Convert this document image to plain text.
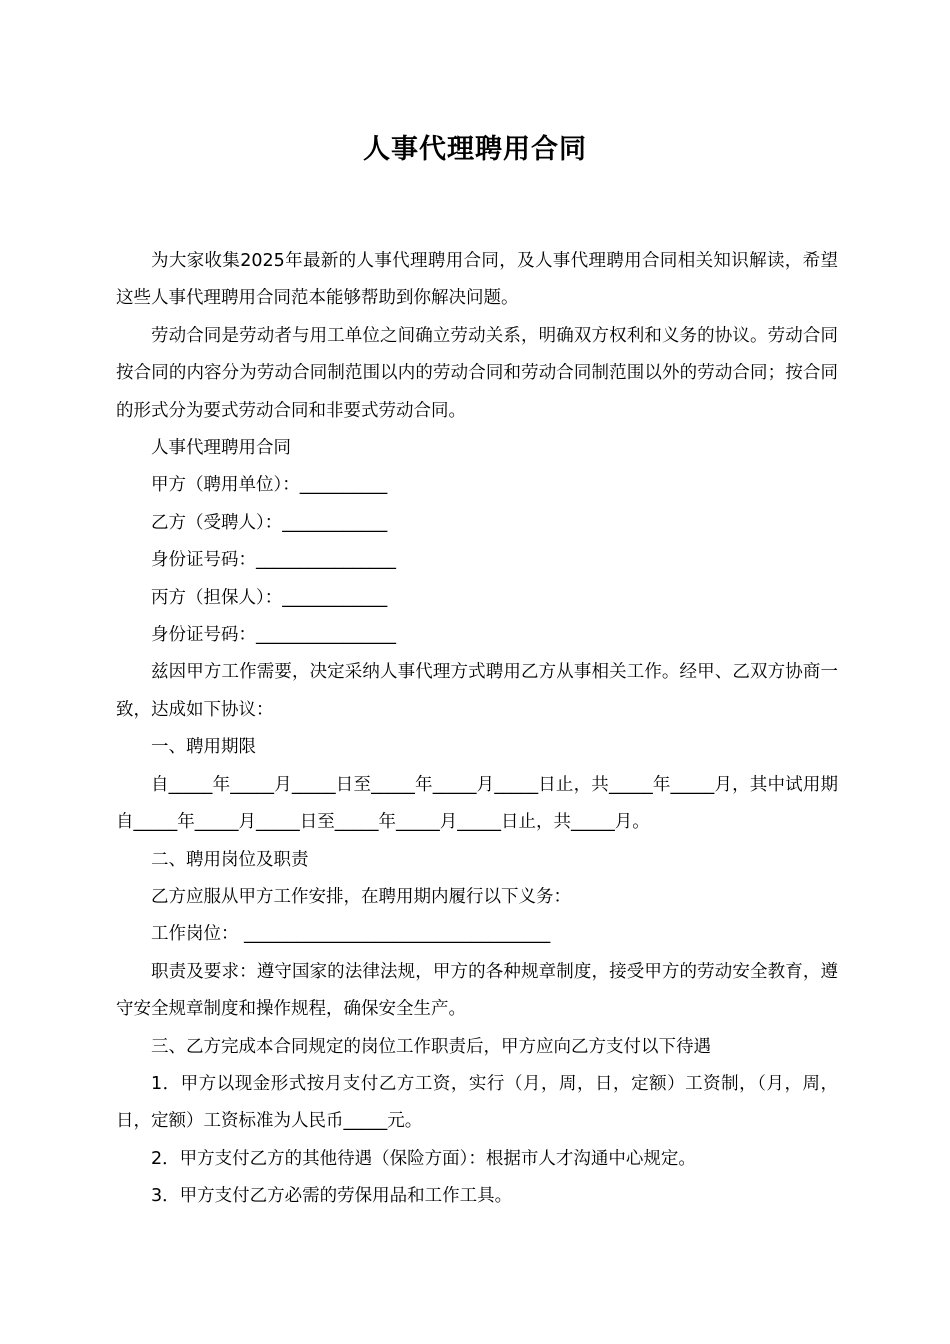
人事代理聘用合同

为大家收集2025年最新的人事代理聘用合同，及人事代理聘用合同相关知识解读，希望这些人事代理聘用合同范本能够帮助到你解决问题。

劳动合同是劳动者与用工单位之间确立劳动关系，明确双方权利和义务的协议。劳动合同按合同的内容分为劳动合同制范围以内的劳动合同和劳动合同制范围以外的劳动合同；按合同的形式分为要式劳动合同和非要式劳动合同。

人事代理聘用合同

甲方（聘用单位）：__________

乙方（受聘人）：____________

身份证号码：________________

丙方（担保人）：____________

身份证号码：________________

兹因甲方工作需要，决定采纳人事代理方式聘用乙方从事相关工作。经甲、乙双方协商一致，达成如下协议：

一、聘用期限

自_____年_____月_____日至_____年_____月_____日止，共_____年_____月，其中试用期自_____年_____月_____日至_____年_____月_____日止，共_____月。

二、聘用岗位及职责

乙方应服从甲方工作安排，在聘用期内履行以下义务：

工作岗位： ___________________________________

职责及要求：遵守国家的法律法规，甲方的各种规章制度，接受甲方的劳动安全教育，遵守安全规章制度和操作规程，确保安全生产。

三、乙方完成本合同规定的岗位工作职责后，甲方应向乙方支付以下待遇

1．甲方以现金形式按月支付乙方工资，实行（月，周，日，定额）工资制，（月，周，日，定额）工资标准为人民币_____元。

2．甲方支付乙方的其他待遇（保险方面）：根据市人才沟通中心规定。

3．甲方支付乙方必需的劳保用品和工作工具。
